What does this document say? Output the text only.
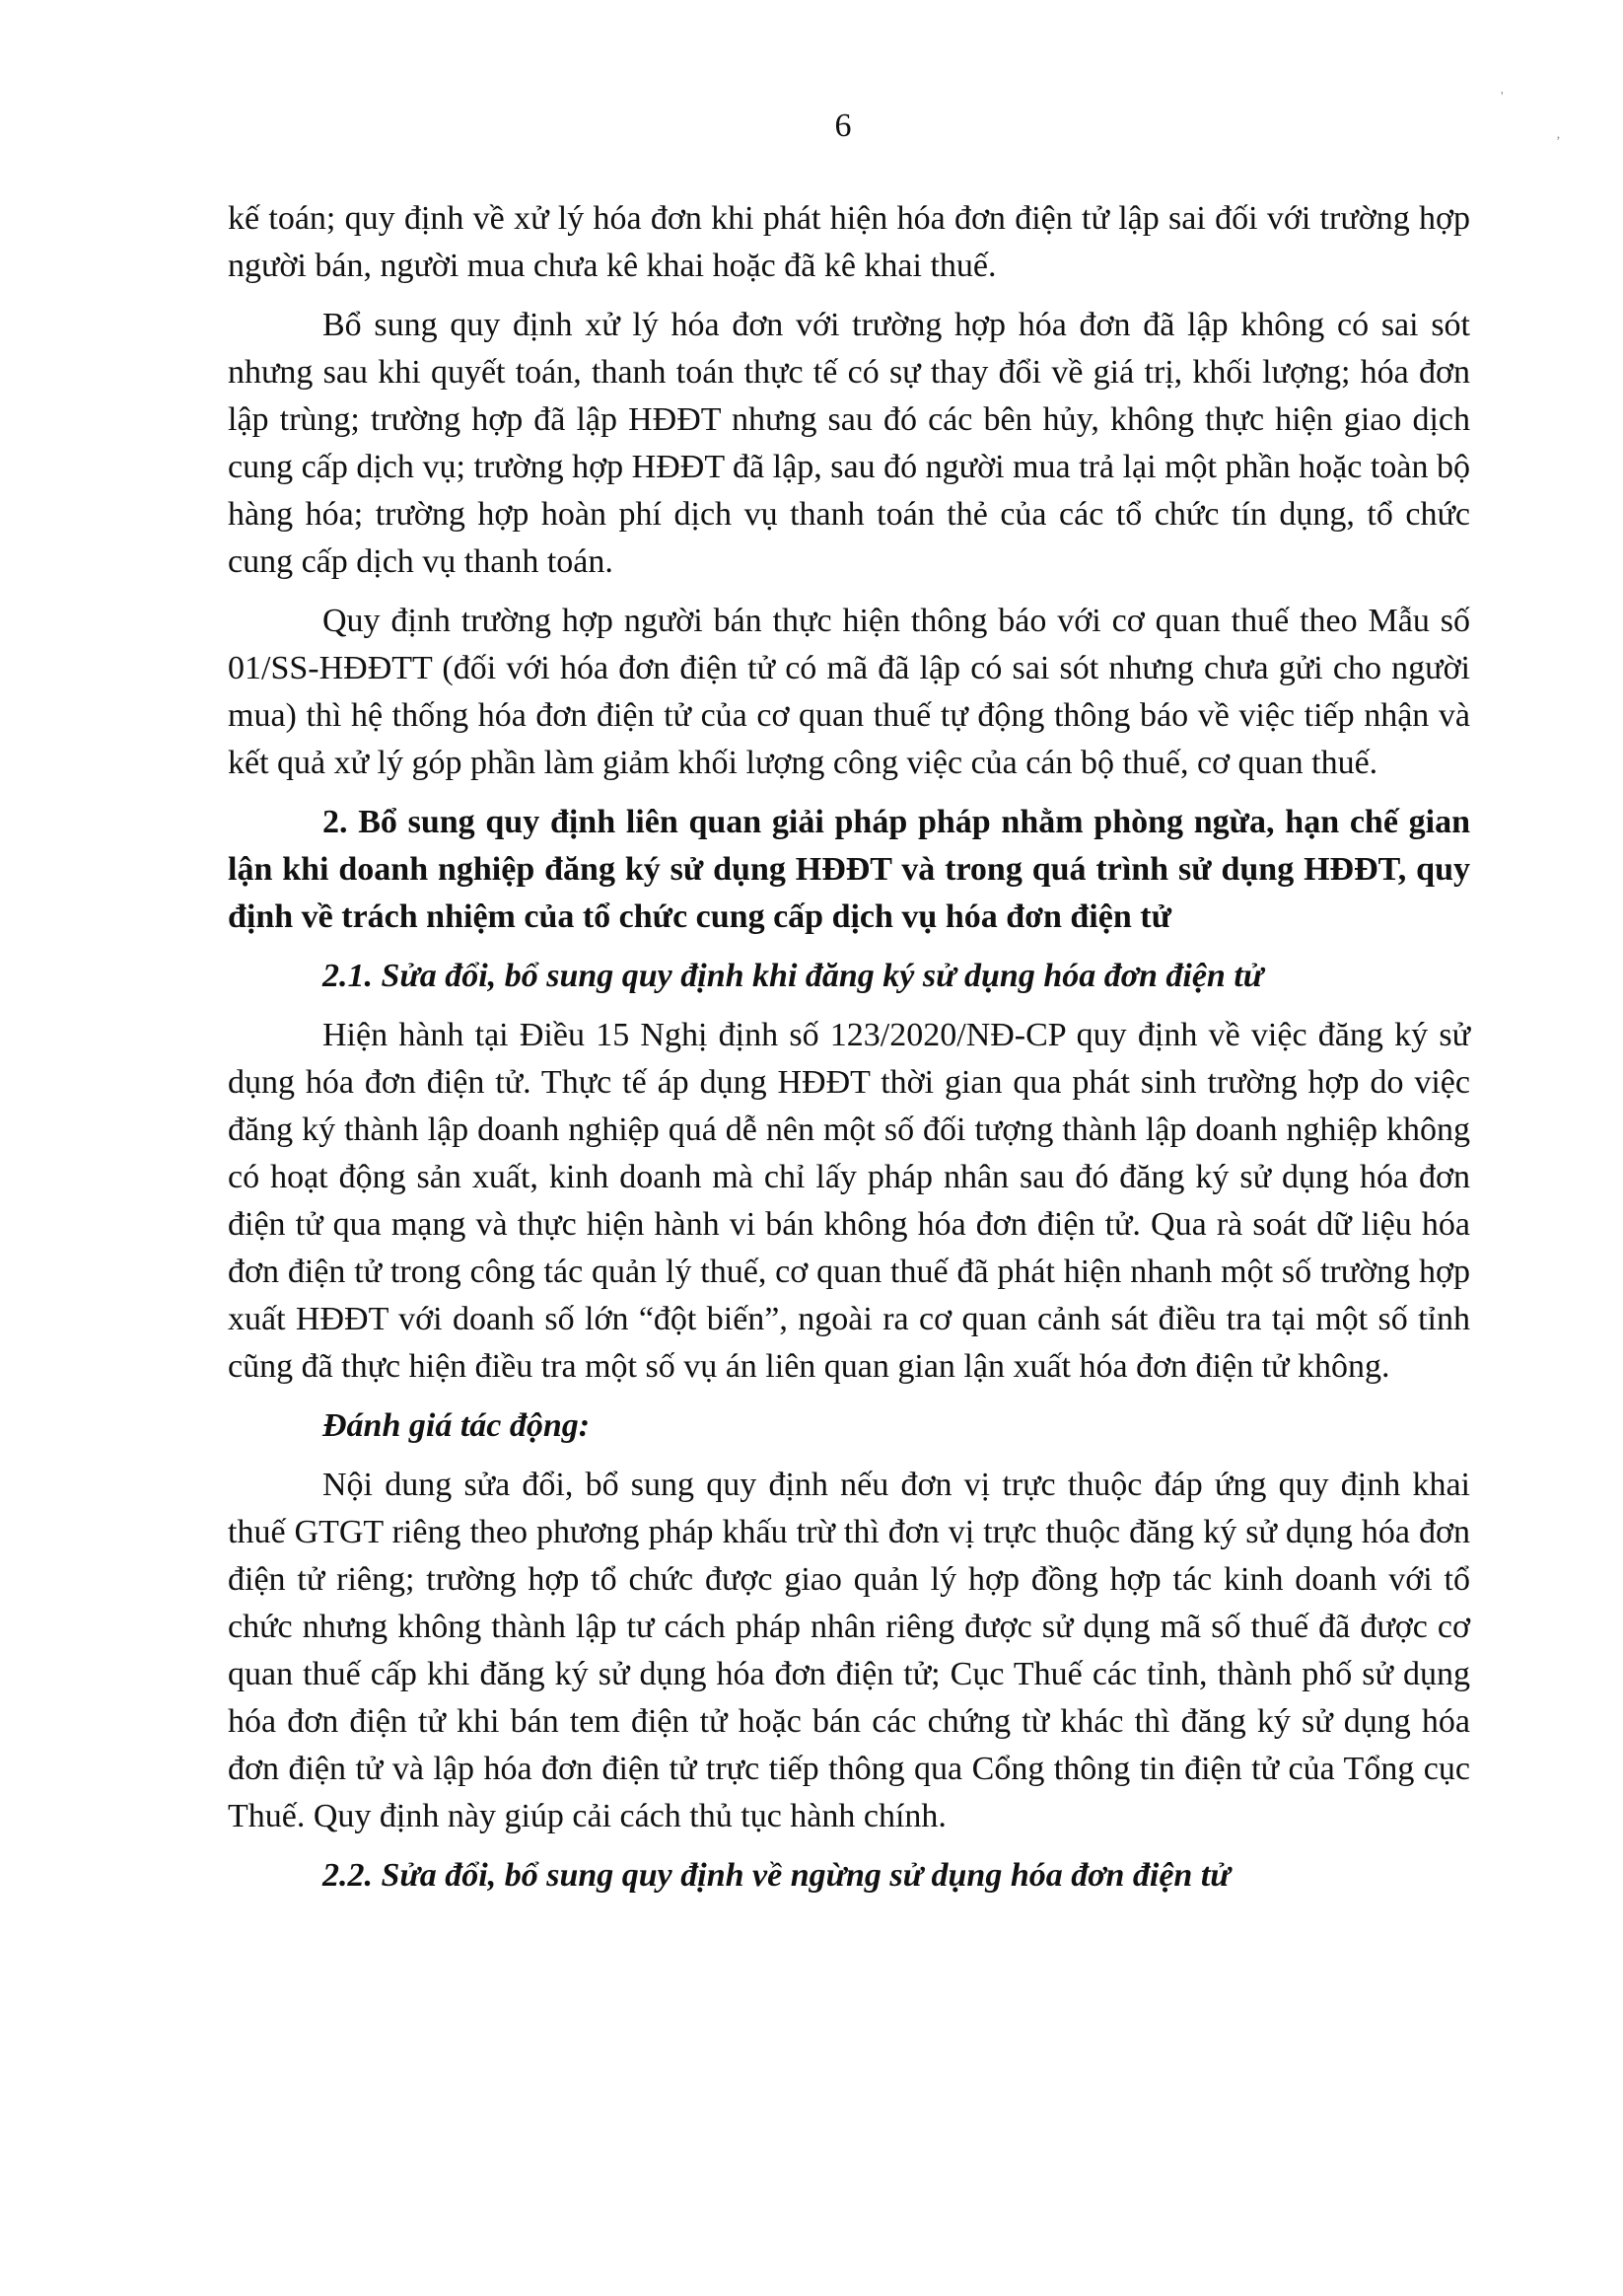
6
'
‚

kế toán; quy định về xử lý hóa đơn khi phát hiện hóa đơn điện tử lập sai đối với trường hợp người bán, người mua chưa kê khai hoặc đã kê khai thuế.

Bổ sung quy định xử lý hóa đơn với trường hợp hóa đơn đã lập không có sai sót nhưng sau khi quyết toán, thanh toán thực tế có sự thay đổi về giá trị, khối lượng; hóa đơn lập trùng; trường hợp đã lập HĐĐT nhưng sau đó các bên hủy, không thực hiện giao dịch cung cấp dịch vụ; trường hợp HĐĐT đã lập, sau đó người mua trả lại một phần hoặc toàn bộ hàng hóa; trường hợp hoàn phí dịch vụ thanh toán thẻ của các tổ chức tín dụng, tổ chức cung cấp dịch vụ thanh toán.

Quy định trường hợp người bán thực hiện thông báo với cơ quan thuế theo Mẫu số 01/SS-HĐĐTT (đối với hóa đơn điện tử có mã đã lập có sai sót nhưng chưa gửi cho người mua) thì hệ thống hóa đơn điện tử của cơ quan thuế tự động thông báo về việc tiếp nhận và kết quả xử lý góp phần làm giảm khối lượng công việc của cán bộ thuế, cơ quan thuế.

2. Bổ sung quy định liên quan giải pháp pháp nhằm phòng ngừa, hạn chế gian lận khi doanh nghiệp đăng ký sử dụng HĐĐT và trong quá trình sử dụng HĐĐT, quy định về trách nhiệm của tổ chức cung cấp dịch vụ hóa đơn điện tử

2.1. Sửa đổi, bổ sung quy định khi đăng ký sử dụng hóa đơn điện tử

Hiện hành tại Điều 15 Nghị định số 123/2020/NĐ-CP quy định về việc đăng ký sử dụng hóa đơn điện tử. Thực tế áp dụng HĐĐT thời gian qua phát sinh trường hợp do việc đăng ký thành lập doanh nghiệp quá dễ nên một số đối tượng thành lập doanh nghiệp không có hoạt động sản xuất, kinh doanh mà chỉ lấy pháp nhân sau đó đăng ký sử dụng hóa đơn điện tử qua mạng và thực hiện hành vi bán không hóa đơn điện tử. Qua rà soát dữ liệu hóa đơn điện tử trong công tác quản lý thuế, cơ quan thuế đã phát hiện nhanh một số trường hợp xuất HĐĐT với doanh số lớn “đột biến”, ngoài ra cơ quan cảnh sát điều tra tại một số tỉnh cũng đã thực hiện điều tra một số vụ án liên quan gian lận xuất hóa đơn điện tử không.

Đánh giá tác động:

Nội dung sửa đổi, bổ sung quy định nếu đơn vị trực thuộc đáp ứng quy định khai thuế GTGT riêng theo phương pháp khấu trừ thì đơn vị trực thuộc đăng ký sử dụng hóa đơn điện tử riêng; trường hợp tổ chức được giao quản lý hợp đồng hợp tác kinh doanh với tổ chức nhưng không thành lập tư cách pháp nhân riêng được sử dụng mã số thuế đã được cơ quan thuế cấp khi đăng ký sử dụng hóa đơn điện tử; Cục Thuế các tỉnh, thành phố sử dụng hóa đơn điện tử khi bán tem điện tử hoặc bán các chứng từ khác thì đăng ký sử dụng hóa đơn điện tử và lập hóa đơn điện tử trực tiếp thông qua Cổng thông tin điện tử của Tổng cục Thuế. Quy định này giúp cải cách thủ tục hành chính.

2.2. Sửa đổi, bổ sung quy định về ngừng sử dụng hóa đơn điện tử
